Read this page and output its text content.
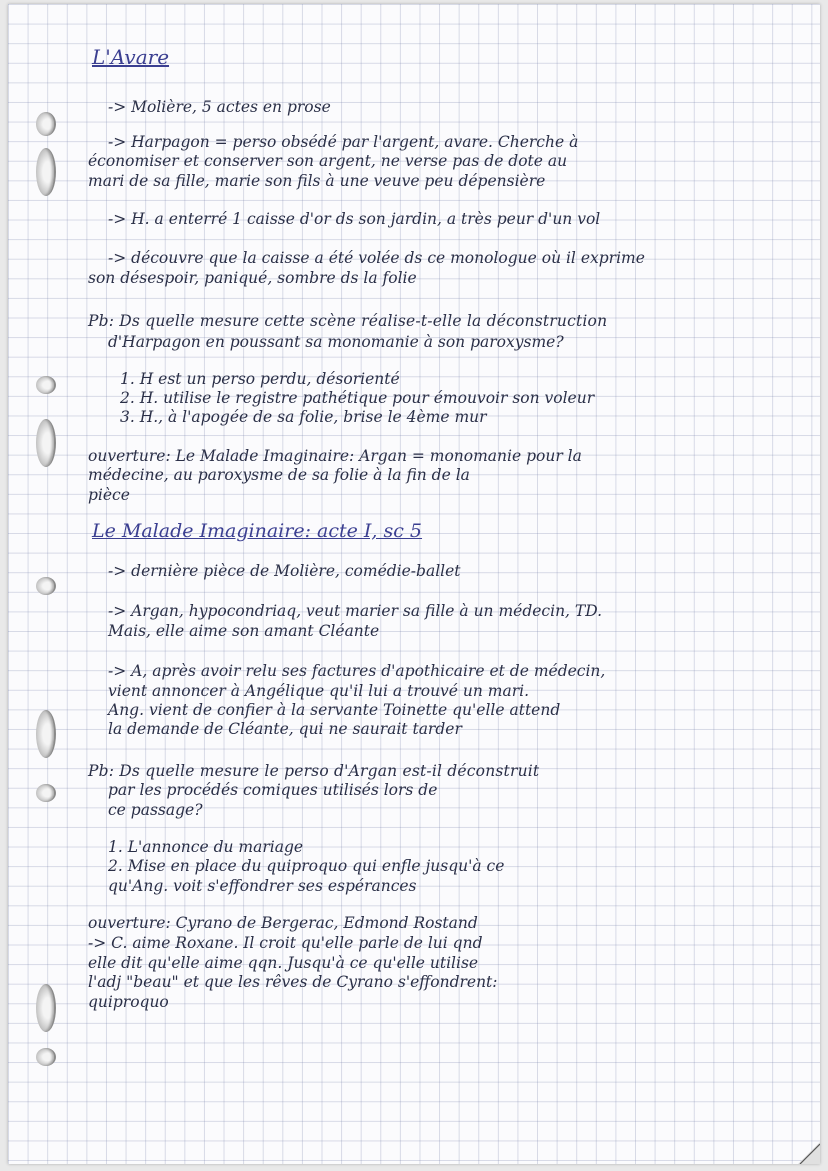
L'Avare
-> Molière, 5 actes en prose
-> Harpagon = perso obsédé par l'argent, avare. Cherche à
économiser et conserver son argent, ne verse pas de dote au
mari de sa fille, marie son fils à une veuve peu dépensière
-> H. a enterré 1 caisse d'or ds son jardin, a très peur d'un vol
-> découvre que la caisse a été volée ds ce monologue où il exprime
son désespoir, paniqué, sombre ds la folie
Pb: Ds quelle mesure cette scène réalise-t-elle la déconstruction
d'Harpagon en poussant sa monomanie à son paroxysme?
1. H est un perso perdu, désorienté
2. H. utilise le registre pathétique pour émouvoir son voleur
3. H., à l'apogée de sa folie, brise le 4ème mur
ouverture: Le Malade Imaginaire: Argan = monomanie pour la
médecine, au paroxysme de sa folie à la fin de la
pièce
Le Malade Imaginaire: acte I, sc 5
-> dernière pièce de Molière, comédie-ballet
-> Argan, hypocondriaq, veut marier sa fille à un médecin, TD.
Mais, elle aime son amant Cléante
-> A, après avoir relu ses factures d'apothicaire et de médecin,
vient annoncer à Angélique qu'il lui a trouvé un mari.
Ang. vient de confier à la servante Toinette qu'elle attend
la demande de Cléante, qui ne saurait tarder
Pb: Ds quelle mesure le perso d'Argan est-il déconstruit
par les procédés comiques utilisés lors de
ce passage?
1. L'annonce du mariage
2. Mise en place du quiproquo qui enfle jusqu'à ce
qu'Ang. voit s'effondrer ses espérances
ouverture: Cyrano de Bergerac, Edmond Rostand
-> C. aime Roxane. Il croit qu'elle parle de lui qnd
elle dit qu'elle aime qqn. Jusqu'à ce qu'elle utilise
l'adj "beau" et que les rêves de Cyrano s'effondrent:
quiproquo
